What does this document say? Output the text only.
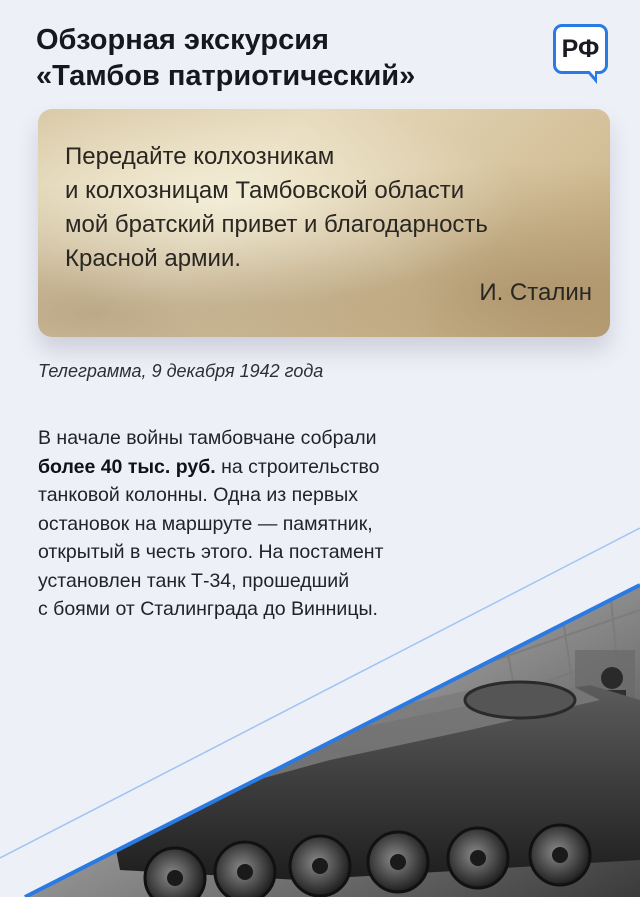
Обзорная экскурсия
«Тамбов патриотический»
РФ
Передайте колхозникам
и колхозницам Тамбовской области
мой братский привет и благодарность
Красной армии.
И. Сталин
Телеграмма, 9 декабря 1942 года
В начале войны тамбовчане собрали
более 40 тыс. руб. на строительство
танковой колонны. Одна из первых
остановок на маршруте — памятник,
открытый в честь этого. На постамент
установлен танк Т-34, прошедший
с боями от Сталинграда до Винницы.
